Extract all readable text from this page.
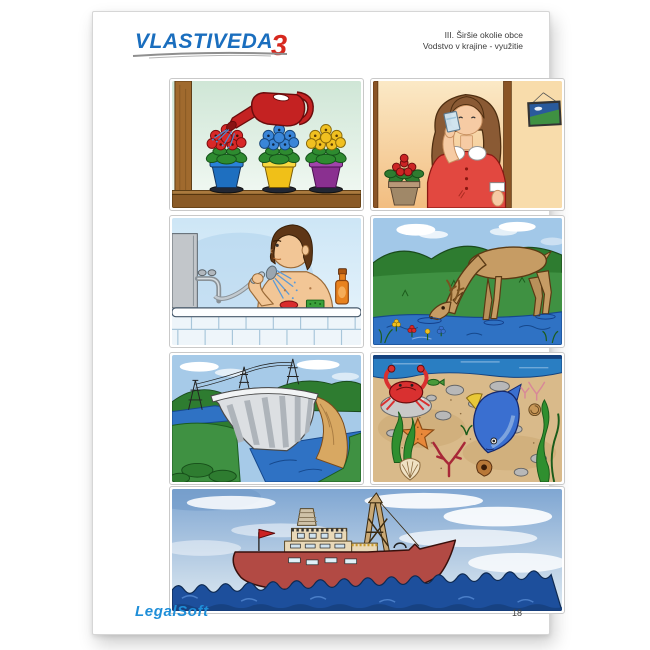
VLASTIVEDA3	III. Širšie okolie obce
Vodstvo v krajine - využitie
LegalSoft	18
